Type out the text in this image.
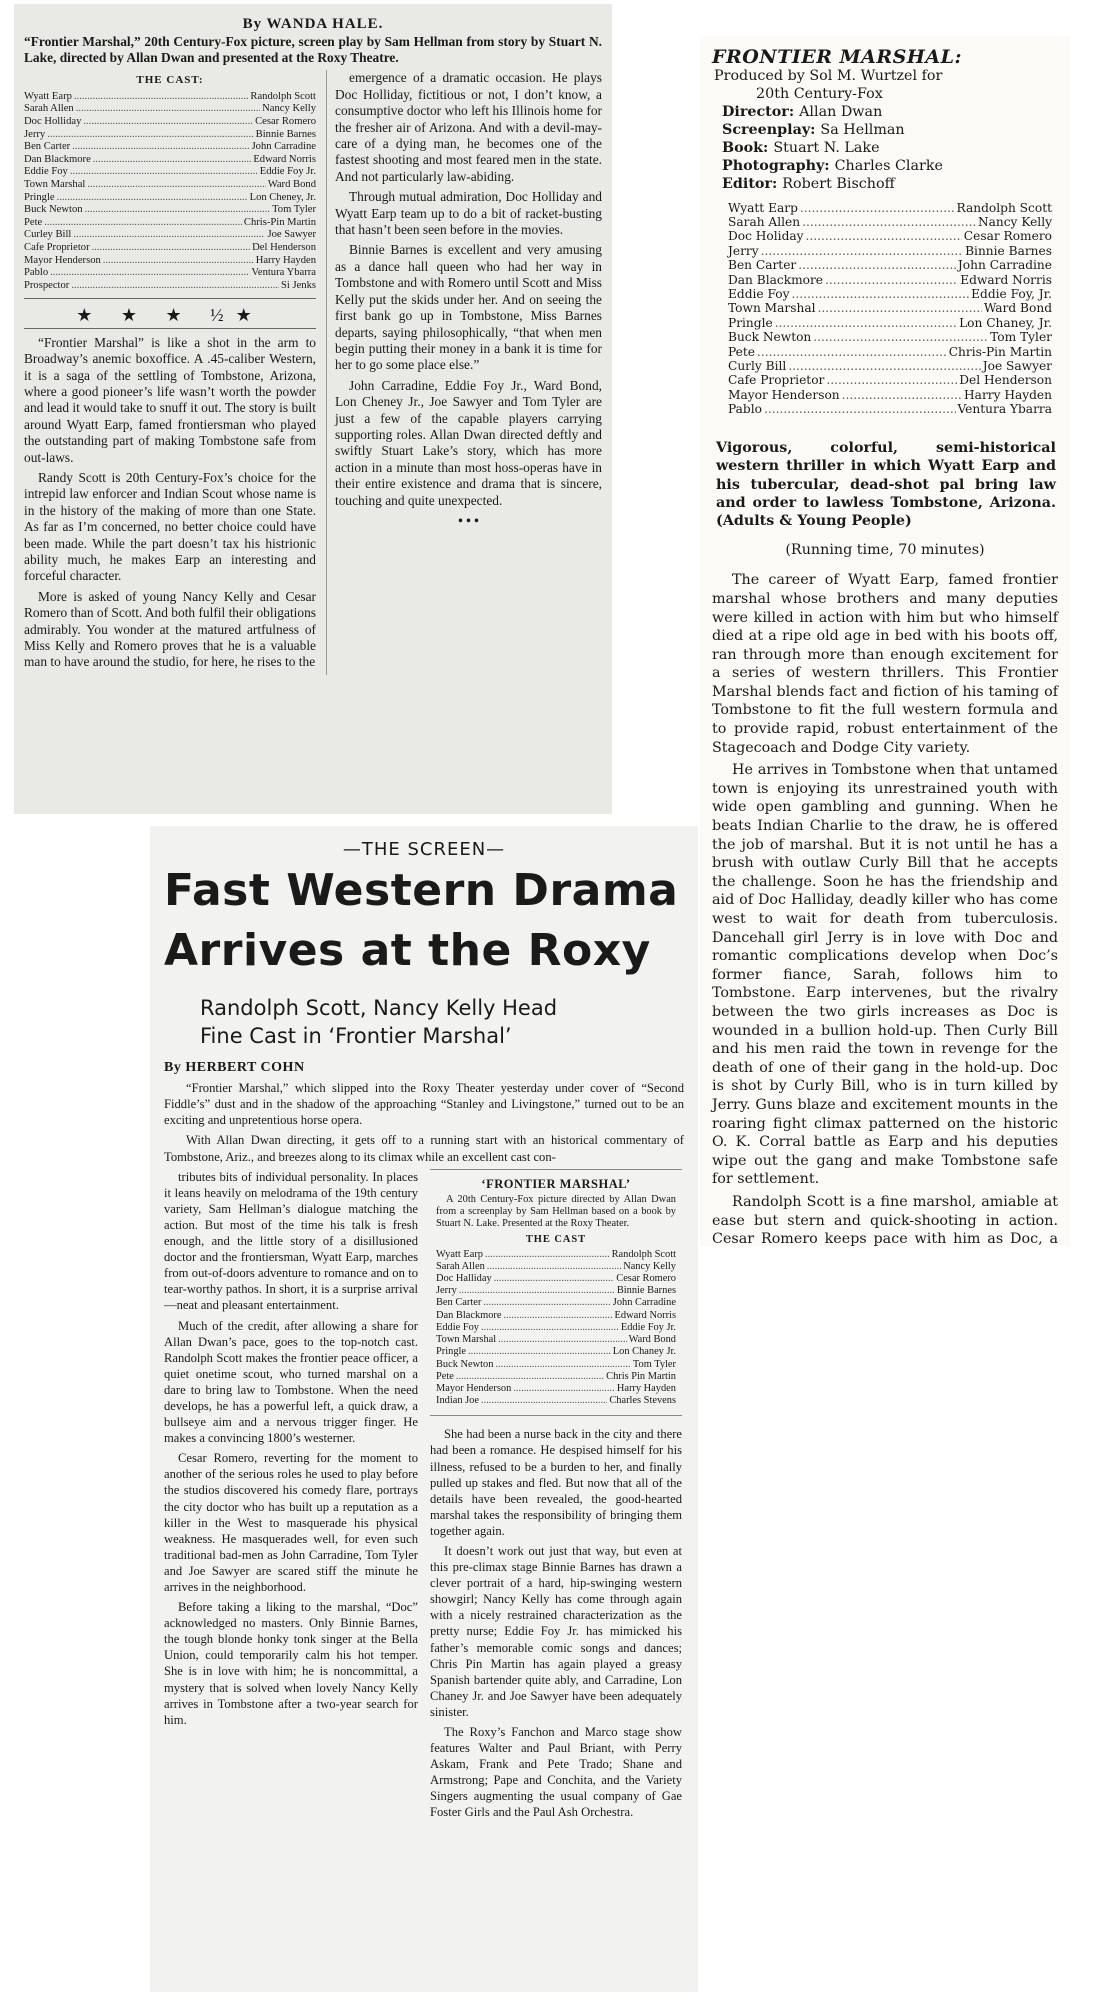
By WANDA HALE.
“Frontier Marshal,” 20th Century-Fox picture, screen play by Sam Hellman from story by Stuart N. Lake, directed by Allan Dwan and presented at the Roxy Theatre.
THE CAST:
Wyatt Earp .....	Randolph Scott
Sarah Allen .....	Nancy Kelly
Doc Holliday .....	Cesar Romero
Jerry .....	Binnie Barnes
Ben Carter .....	John Carradine
Dan Blackmore .....	Edward Norris
Eddie Foy .....	Eddie Foy Jr.
Town Marshal .....	Ward Bond
Pringle .....	Lon Cheney, Jr.
Buck Newton .....	Tom Tyler
Pete .....	Chris-Pin Martin
Curley Bill .....	Joe Sawyer
Cafe Proprietor .....	Del Henderson
Mayor Henderson .....	Harry Hayden
Pablo .....	Ventura Ybarra
Prospector .....	Si Jenks
★ ★ ★ ½★

“Frontier Marshal” is like a shot in the arm to Broadway’s anemic boxoffice. A .45-caliber Western, it is a saga of the settling of Tombstone, Arizona, where a good pioneer’s life wasn’t worth the powder and lead it would take to snuff it out. The story is built around Wyatt Earp, famed frontiersman who played the outstanding part of making Tombstone safe from out-laws.

Randy Scott is 20th Century-Fox’s choice for the intrepid law enforcer and Indian Scout whose name is in the history of the making of more than one State. As far as I’m concerned, no better choice could have been made. While the part doesn’t tax his histrionic ability much, he makes Earp an interesting and forceful character.

More is asked of young Nancy Kelly and Cesar Romero than of Scott. And both fulfil their obligations admirably. You wonder at the matured artfulness of Miss Kelly and Romero proves that he is a valuable man to have around the studio, for here, he rises to the

emergence of a dramatic occasion. He plays Doc Holliday, fictitious or not, I don’t know, a consumptive doctor who left his Illinois home for the fresher air of Arizona. And with a devil-may-care of a dying man, he becomes one of the fastest shooting and most feared men in the state. And not particularly law-abiding.

Through mutual admiration, Doc Holliday and Wyatt Earp team up to do a bit of racket-busting that hasn’t been seen before in the movies.

Binnie Barnes is excellent and very amusing as a dance hall queen who had her way in Tombstone and with Romero until Scott and Miss Kelly put the skids under her. And on seeing the first bank go up in Tombstone, Miss Barnes departs, saying philosophically, “that when men begin putting their money in a bank it is time for her to go some place else.”

John Carradine, Eddie Foy Jr., Ward Bond, Lon Cheney Jr., Joe Sawyer and Tom Tyler are just a few of the capable players carrying supporting roles. Allan Dwan directed deftly and swiftly Stuart Lake’s story, which has more action in a minute than most hoss-operas have in their entire existence and drama that is sincere, touching and quite unexpected.

• • •
FRONTIER MARSHAL:
Produced by Sol M. Wurtzel for
20th Century-Fox
Director: Allan Dwan
Screenplay: Sa Hellman
Book: Stuart N. Lake
Photography: Charles Clarke
Editor: Robert Bischoff
Wyatt Earp .....	Randolph Scott
Sarah Allen .....	Nancy Kelly
Doc Holiday .....	Cesar Romero
Jerry .....	Binnie Barnes
Ben Carter .....	John Carradine
Dan Blackmore .....	Edward Norris
Eddie Foy .....	Eddie Foy, Jr.
Town Marshal .....	Ward Bond
Pringle .....	Lon Chaney, Jr.
Buck Newton .....	Tom Tyler
Pete .....	Chris-Pin Martin
Curly Bill .....	Joe Sawyer
Cafe Proprietor .....	Del Henderson
Mayor Henderson .....	Harry Hayden
Pablo .....	Ventura Ybarra
Vigorous, colorful, semi-historical western thriller in which Wyatt Earp and his tubercular, dead-shot pal bring law and order to lawless Tombstone, Arizona. (Adults & Young People)
(Running time, 70 minutes)

The career of Wyatt Earp, famed frontier marshal whose brothers and many deputies were killed in action with him but who himself died at a ripe old age in bed with his boots off, ran through more than enough excitement for a series of western thrillers. This Frontier Marshal blends fact and fiction of his taming of Tombstone to fit the full western formula and to provide rapid, robust entertainment of the Stagecoach and Dodge City variety.

He arrives in Tombstone when that untamed town is enjoying its unrestrained youth with wide open gambling and gunning. When he beats Indian Charlie to the draw, he is offered the job of marshal. But it is not until he has a brush with outlaw Curly Bill that he accepts the challenge. Soon he has the friendship and aid of Doc Halliday, deadly killer who has come west to wait for death from tuberculosis. Dancehall girl Jerry is in love with Doc and romantic complications develop when Doc’s former fiance, Sarah, follows him to Tombstone. Earp intervenes, but the rivalry between the two girls increases as Doc is wounded in a bullion hold-up. Then Curly Bill and his men raid the town in revenge for the death of one of their gang in the hold-up. Doc is shot by Curly Bill, who is in turn killed by Jerry. Guns blaze and excitement mounts in the roaring fight climax patterned on the historic O. K. Corral battle as Earp and his deputies wipe out the gang and make Tombstone safe for settlement.

Randolph Scott is a fine marshol, amiable at ease but stern and quick-shooting in action. Cesar Romero keeps pace with him as Doc, a

—THE SCREEN—
Fast Western Drama
Arrives at the Roxy
Randolph Scott, Nancy Kelly Head
Fine Cast in ‘Frontier Marshal’
By HERBERT COHN

“Frontier Marshal,” which slipped into the Roxy Theater yesterday under cover of “Second Fiddle’s” dust and in the shadow of the approaching “Stanley and Livingstone,” turned out to be an exciting and unpretentious horse opera.

With Allan Dwan directing, it gets off to a running start with an historical commentary of Tombstone, Ariz., and breezes along to its climax while an excellent cast con-

tributes bits of individual personality. In places it leans heavily on melodrama of the 19th century variety, Sam Hellman’s dialogue matching the action. But most of the time his talk is fresh enough, and the little story of a disillusioned doctor and the frontiersman, Wyatt Earp, marches from out-of-doors adventure to romance and on to tear-worthy pathos. In short, it is a surprise arrival—neat and pleasant entertainment.

Much of the credit, after allowing a share for Allan Dwan’s pace, goes to the top-notch cast. Randolph Scott makes the frontier peace officer, a quiet onetime scout, who turned marshal on a dare to bring law to Tombstone. When the need develops, he has a powerful left, a quick draw, a bullseye aim and a nervous trigger finger. He makes a convincing 1800’s westerner.

Cesar Romero, reverting for the moment to another of the serious roles he used to play before the studios discovered his comedy flare, portrays the city doctor who has built up a reputation as a killer in the West to masquerade his physical weakness. He masquerades well, for even such traditional bad-men as John Carradine, Tom Tyler and Joe Sawyer are scared stiff the minute he arrives in the neighborhood.

Before taking a liking to the marshal, “Doc” acknowledged no masters. Only Binnie Barnes, the tough blonde honky tonk singer at the Bella Union, could temporarily calm his hot temper. She is in love with him; he is noncommittal, a mystery that is solved when lovely Nancy Kelly arrives in Tombstone after a two-year search for him.

‘FRONTIER MARSHAL’
A 20th Century-Fox picture directed by Allan Dwan from a screenplay by Sam Hellman based on a book by Stuart N. Lake. Presented at the Roxy Theater.
THE CAST
Wyatt Earp .....	Randolph Scott
Sarah Allen .....	Nancy Kelly
Doc Halliday .....	Cesar Romero
Jerry .....	Binnie Barnes
Ben Carter .....	John Carradine
Dan Blackmore .....	Edward Norris
Eddie Foy .....	Eddie Foy Jr.
Town Marshal .....	Ward Bond
Pringle .....	Lon Chaney Jr.
Buck Newton .....	Tom Tyler
Pete .....	Chris Pin Martin
Mayor Henderson .....	Harry Hayden
Indian Joe .....	Charles Stevens

She had been a nurse back in the city and there had been a romance. He despised himself for his illness, refused to be a burden to her, and finally pulled up stakes and fled. But now that all of the details have been revealed, the good-hearted marshal takes the responsibility of bringing them together again.

It doesn’t work out just that way, but even at this pre-climax stage Binnie Barnes has drawn a clever portrait of a hard, hip-swinging western showgirl; Nancy Kelly has come through again with a nicely restrained characterization as the pretty nurse; Eddie Foy Jr. has mimicked his father’s memorable comic songs and dances; Chris Pin Martin has again played a greasy Spanish bartender quite ably, and Carradine, Lon Chaney Jr. and Joe Sawyer have been adequately sinister.

The Roxy’s Fanchon and Marco stage show features Walter and Paul Briant, with Perry Askam, Frank and Pete Trado; Shane and Armstrong; Pape and Conchita, and the Variety Singers augmenting the usual company of Gae Foster Girls and the Paul Ash Orchestra.
